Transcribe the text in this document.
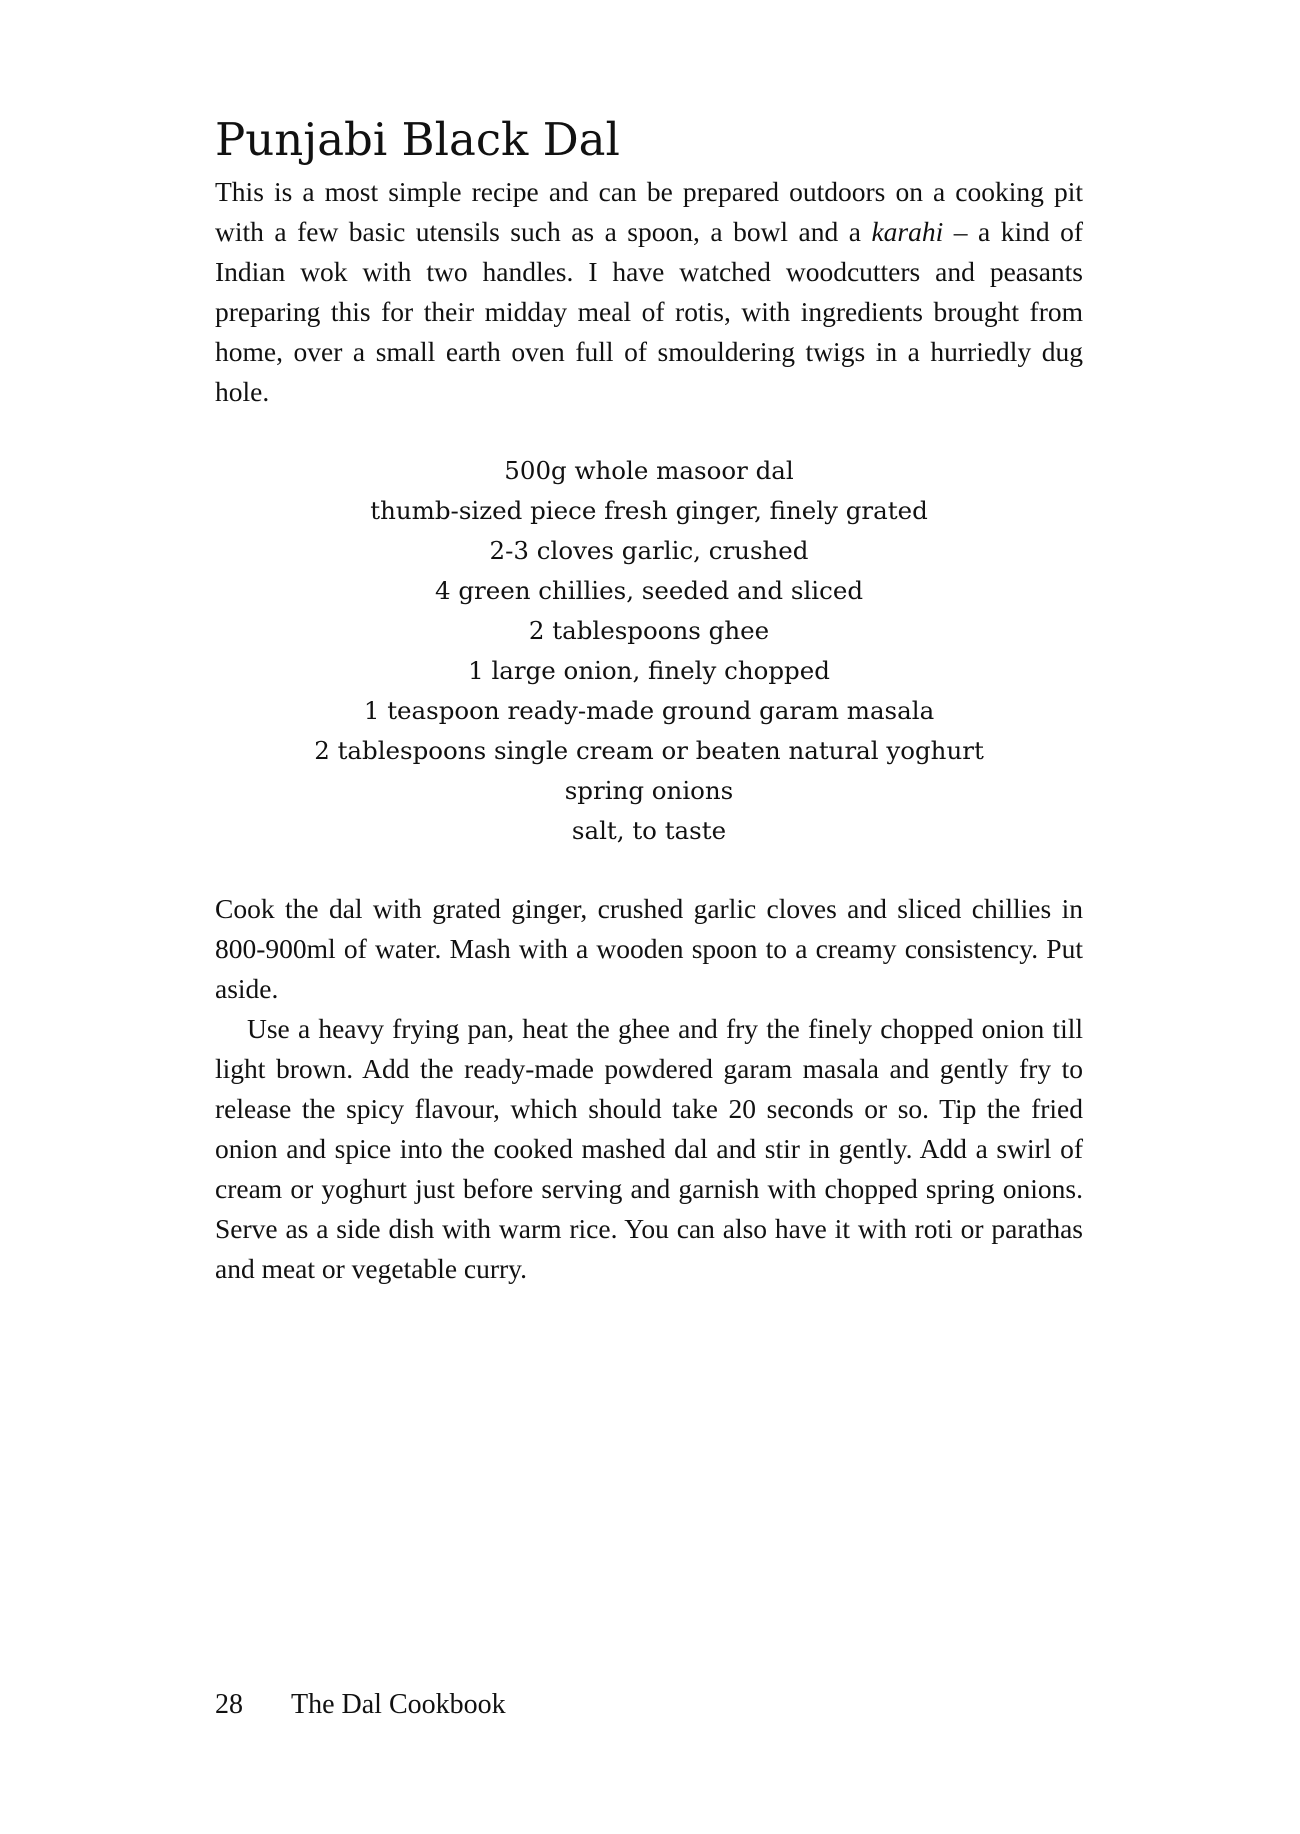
Punjabi Black Dal

This is a most simple recipe and can be prepared outdoors on a cooking pit with a few basic utensils such as a spoon, a bowl and a karahi – a kind of Indian wok with two handles. I have watched woodcutters and peasants preparing this for their midday meal of rotis, with ingredients brought from home, over a small earth oven full of smouldering twigs in a hurriedly dug hole.

500g whole masoor dal
thumb-sized piece fresh ginger, finely grated
2-3 cloves garlic, crushed
4 green chillies, seeded and sliced
2 tablespoons ghee
1 large onion, finely chopped
1 teaspoon ready-made ground garam masala
2 tablespoons single cream or beaten natural yoghurt
spring onions
salt, to taste

Cook the dal with grated ginger, crushed garlic cloves and sliced chillies in 800-900ml of water. Mash with a wooden spoon to a creamy consistency. Put aside.

Use a heavy frying pan, heat the ghee and fry the finely chopped onion till light brown. Add the ready-made powdered garam masala and gently fry to release the spicy flavour, which should take 20 seconds or so. Tip the fried onion and spice into the cooked mashed dal and stir in gently. Add a swirl of cream or yoghurt just before serving and garnish with chopped spring onions. Serve as a side dish with warm rice. You can also have it with roti or parathas and meat or vegetable curry.

28 The Dal Cookbook
